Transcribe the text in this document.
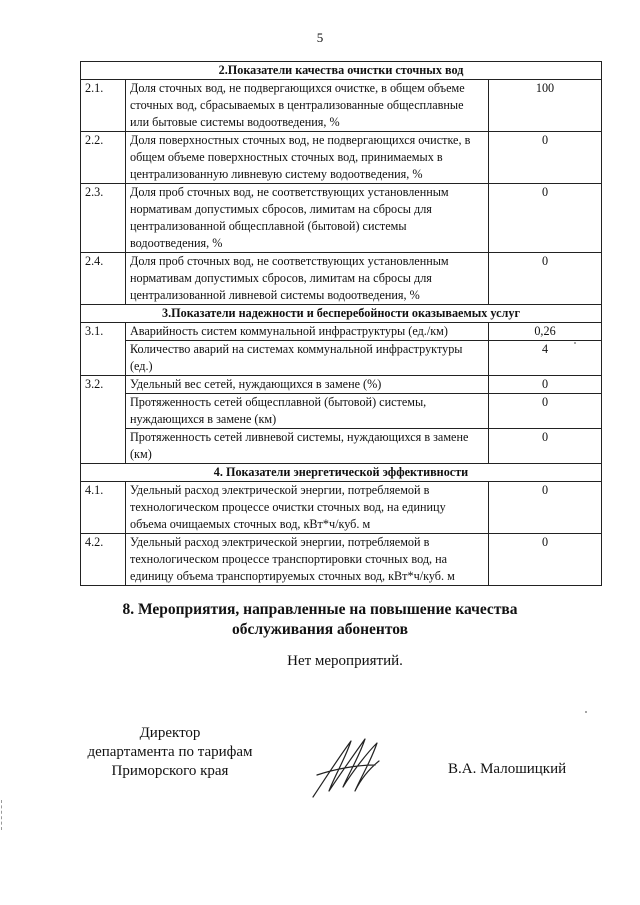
5
2.Показатели качества очистки сточных вод		
2.1.	Доля сточных вод, не подвергающихся очистке, в общем объеме сточных вод, сбрасываемых в централизованные общесплавные или бытовые системы водоотведения, %	100
2.2.	Доля поверхностных сточных вод, не подвергающихся очистке, в общем объеме поверхностных сточных вод, принимаемых в централизованную ливневую систему водоотведения, %	0
2.3.	Доля проб сточных вод, не соответствующих установленным нормативам допустимых сбросов, лимитам на сбросы для централизованной общесплавной (бытовой) системы водоотведения, %	0
2.4.	Доля проб сточных вод, не соответствующих установленным нормативам допустимых сбросов, лимитам на сбросы для централизованной ливневой системы водоотведения, %	0
3.Показатели надежности и бесперебойности оказываемых услуг		
3.1.	Аварийность систем коммунальной инфраструктуры (ед./км)	0,26
	Количество аварий на системах коммунальной инфраструктуры (ед.)	4
3.2.	Удельный вес сетей, нуждающихся в замене (%)	0
	Протяженность сетей общесплавной (бытовой) системы, нуждающихся в замене (км)	0
	Протяженность сетей ливневой системы, нуждающихся в замене (км)	0
4. Показатели энергетической эффективности		
4.1.	Удельный расход электрической энергии, потребляемой в технологическом процессе очистки сточных вод, на единицу объема очищаемых сточных вод, кВт*ч/куб. м	0
4.2.	Удельный расход электрической энергии, потребляемой в технологическом процессе транспортировки сточных вод, на единицу объема транспортируемых сточных вод, кВт*ч/куб. м	0
8. Мероприятия, направленные на повышение качества
обслуживания абонентов
Нет мероприятий.
Директор
департамента по тарифам
Приморского края	В.А. Малошицкий
